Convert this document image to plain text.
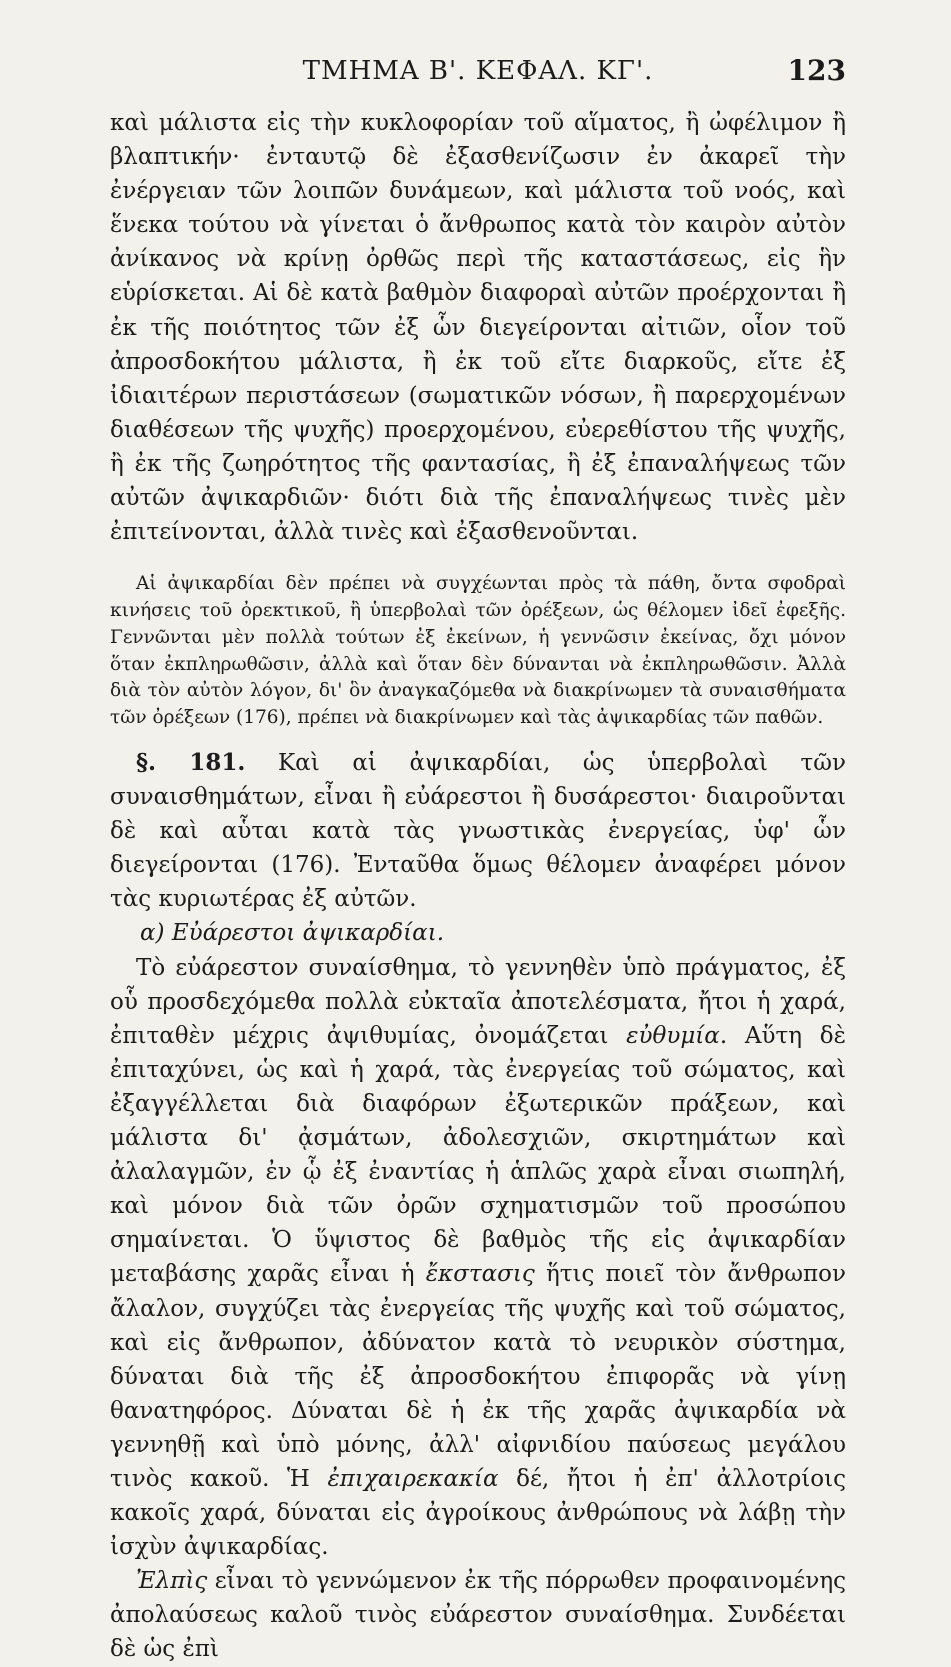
ΤΜΗΜΑ Β'. ΚΕΦΑΛ. ΚΓ'.	123

καὶ μάλιστα εἰς τὴν κυκλοφορίαν τοῦ αἵματος, ἢ ὠφέλιμον ἢ βλαπτικήν· ἐνταυτῷ δὲ ἐξασθενίζωσιν ἐν ἀκαρεῖ τὴν ἐνέργειαν τῶν λοιπῶν δυνάμεων, καὶ μάλιστα τοῦ νοός, καὶ ἕνεκα τούτου νὰ γίνεται ὁ ἄνθρωπος κατὰ τὸν καιρὸν αὐτὸν ἀνίκανος νὰ κρίνῃ ὀρθῶς περὶ τῆς καταστάσεως, εἰς ἣν εὑρίσκεται. Αἱ δὲ κατὰ βαθμὸν διαφοραὶ αὐτῶν προέρχονται ἢ ἐκ τῆς ποιότητος τῶν ἐξ ὧν διεγείρονται αἰτιῶν, οἷον τοῦ ἀπροσδοκήτου μάλιστα, ἢ ἐκ τοῦ εἴτε διαρκοῦς, εἴτε ἐξ ἰδιαιτέρων περιστάσεων (σωματικῶν νόσων, ἢ παρερχομένων διαθέσεων τῆς ψυχῆς) προερχομένου, εὐερεθίστου τῆς ψυχῆς, ἢ ἐκ τῆς ζωηρότητος τῆς φαντασίας, ἢ ἐξ ἐπαναλήψεως τῶν αὐτῶν ἀψικαρδιῶν· διότι διὰ τῆς ἐπαναλήψεως τινὲς μὲν ἐπιτείνονται, ἀλλὰ τινὲς καὶ ἐξασθενοῦνται.

Αἱ ἀψικαρδίαι δὲν πρέπει νὰ συγχέωνται πρὸς τὰ πάθη, ὄντα σφοδραὶ κινήσεις τοῦ ὀρεκτικοῦ, ἢ ὑπερβολαὶ τῶν ὀρέξεων, ὡς θέλομεν ἰδεῖ ἐφεξῆς. Γεννῶνται μὲν πολλὰ τούτων ἐξ ἐκείνων, ἡ γεννῶσιν ἐκείνας, ὄχι μόνον ὅταν ἐκπληρωθῶσιν, ἀλλὰ καὶ ὅταν δὲν δύνανται νὰ ἐκπληρωθῶσιν. Ἀλλὰ διὰ τὸν αὐτὸν λόγον, δι' ὃν ἀναγκαζόμεθα νὰ διακρίνωμεν τὰ συναισθήματα τῶν ὀρέξεων (176), πρέπει νὰ διακρίνωμεν καὶ τὰς ἀψικαρδίας τῶν παθῶν.

§. 181. Καὶ αἱ ἀψικαρδίαι, ὡς ὑπερβολαὶ τῶν συναισθημάτων, εἶναι ἢ εὐάρεστοι ἢ δυσάρεστοι· διαιροῦνται δὲ καὶ αὗται κατὰ τὰς γνωστικὰς ἐνεργείας, ὑφ' ὧν διεγείρονται (176). Ἐνταῦθα ὅμως θέλομεν ἀναφέρει μόνον τὰς κυριωτέρας ἐξ αὐτῶν.

α) Εὐάρεστοι ἀψικαρδίαι.

Τὸ εὐάρεστον συναίσθημα, τὸ γεννηθὲν ὑπὸ πράγματος, ἐξ οὗ προσδεχόμεθα πολλὰ εὐκταῖα ἀποτελέσματα, ἤτοι ἡ χαρά, ἐπιταθὲν μέχρις ἀψιθυμίας, ὀνομάζεται εὐθυμία. Αὕτη δὲ ἐπιταχύνει, ὡς καὶ ἡ χαρά, τὰς ἐνεργείας τοῦ σώματος, καὶ ἐξαγγέλλεται διὰ διαφόρων ἐξωτερικῶν πράξεων, καὶ μάλιστα δι' ᾀσμάτων, ἀδολεσχιῶν, σκιρτημάτων καὶ ἀλαλαγμῶν, ἐν ᾧ ἐξ ἐναντίας ἡ ἁπλῶς χαρὰ εἶναι σιωπηλή, καὶ μόνον διὰ τῶν ὀρῶν σχηματισμῶν τοῦ προσώπου σημαίνεται. Ὁ ὕψιστος δὲ βαθμὸς τῆς εἰς ἀψικαρδίαν μεταβάσης χαρᾶς εἶναι ἡ ἔκστασις ἥτις ποιεῖ τὸν ἄνθρωπον ἄλαλον, συγχύζει τὰς ἐνεργείας τῆς ψυχῆς καὶ τοῦ σώματος, καὶ εἰς ἄνθρωπον, ἀδύνατον κατὰ τὸ νευρικὸν σύστημα, δύναται διὰ τῆς ἐξ ἀπροσδοκήτου ἐπιφορᾶς νὰ γίνῃ θανατηφόρος. Δύναται δὲ ἡ ἐκ τῆς χαρᾶς ἀψικαρδία νὰ γεννηθῇ καὶ ὑπὸ μόνης, ἀλλ' αἰφνιδίου παύσεως μεγάλου τινὸς κακοῦ. Ἡ ἐπιχαιρεκακία δέ, ἤτοι ἡ ἐπ' ἀλλοτρίοις κακοῖς χαρά, δύναται εἰς ἀγροίκους ἀνθρώπους νὰ λάβῃ τὴν ἰσχὺν ἀψικαρδίας.

Ἐλπὶς εἶναι τὸ γεννώμενον ἐκ τῆς πόρρωθεν προφαινομένης ἀπολαύσεως καλοῦ τινὸς εὐάρεστον συναίσθημα. Συνδέεται δὲ ὡς ἐπὶ
